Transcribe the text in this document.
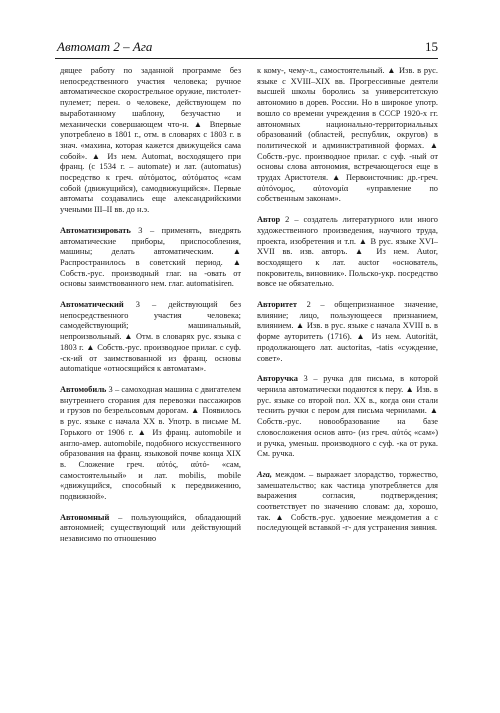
Автомат 2 – Ага	15

дящее работу по заданной программе без непосредственного участия человека; ручное автоматическое скорострельное оружие, пистолет-пулемет; перен. о человеке, действующем по выработанному шаблону, безучастно и механически совершающем что-н. ▲ Впервые употреблено в 1801 г., отм. в словарях с 1803 г. в знач. «махина, которая кажется движущейся сама собой». ▲ Из нем. Automat, восходящего при франц. (с 1534 г. – automate) и лат. (automatus) посредство к греч. αὐτόματος, αὐτόματος «сам собой (движущийся), самодвижущийся». Первые автоматы создавались еще александрийскими учеными III–II вв. до н.э.

Автоматизировать 3 – применять, внедрять автоматические приборы, приспособления, машины; делать автоматическим. ▲ Распространилось в советский период. ▲ Собств.-рус. производный глаг. на -овать от основы заимствованного нем. глаг. automatisiren.

Автоматический 3 – действующий без непосредственного участия человека; самодействующий; машинальный, непроизвольный. ▲ Отм. в словарях рус. языка с 1803 г. ▲ Собств.-рус. производное прилаг. с суф. -ск-ий от заимствованной из франц. основы automatique «относящийся к автоматам».

Автомобиль 3 – самоходная машина с двигателем внутреннего сгорания для перевозки пассажиров и грузов по безрельсовым дорогам. ▲ Появилось в рус. языке с начала XX в. Употр. в письме М. Горького от 1906 г. ▲ Из франц. automobile и англо-амер. automobile, подобного искусственного образования на франц. языковой почве конца XIX в. Сложение греч. αὐτός, αὐτό- «сам, самостоятельный» и лат. mobilis, mobile «движущийся, способный к передвижению, подвижной».

Автономный – пользующийся, обладающий автономией; существующий или действующий независимо по отношению

к кому-, чему-л., самостоятельный. ▲ Изв. в рус. языке с XVIII–XIX вв. Прогрессивные деятели высшей школы боролись за университетскую автономию в дорев. России. Но в широкое употр. вошло со времени учреждения в СССР 1920-х гг. автономных национально-территориальных образований (областей, республик, округов) в политической и административной формах. ▲ Собств.-рус. производное прилаг. с суф. -ный от основы слова автономия, встречающегося еще в трудах Аристотеля. ▲ Первоисточник: др.-греч. αὐτόνομος, αὐτονομία «управление по собственным законам».

Автор 2 – создатель литературного или иного художественного произведения, научного труда, проекта, изобретения и т.п. ▲ В рус. языке XVI–XVII вв. изв. авторъ. ▲ Из нем. Autor, восходящего к лат. auctor «основатель, покровитель, виновник». Польско-укр. посредство вовсе не обязательно.

Авторитет 2 – общепризнанное значение, влияние; лицо, пользующееся признанием, влиянием. ▲ Изв. в рус. языке с начала XVIII в. в форме ауторитеть (1716). ▲ Из нем. Autorität, продолжающего лат. auctoritas, -tatis «суждение, совет».

Авторучка 3 – ручка для письма, в которой чернила автоматически подаются к перу. ▲ Изв. в рус. языке со второй пол. XX в., когда они стали теснить ручки с пером для письма чернилами. ▲ Собств.-рус. новообразование на базе словосложения основ авто- (из греч. αὐτός «сам») и ручка, уменьш. производного с суф. -ка от рука. См. ручка.

Ага, междом. – выражает злорадство, торжество, замешательство; как частица употребляется для выражения согласия, подтверждения; соответствует по значению словам: да, хорошо, так. ▲ Собств.-рус. удвоение междометия а с последующей вставкой -г- для устранения зияния.
